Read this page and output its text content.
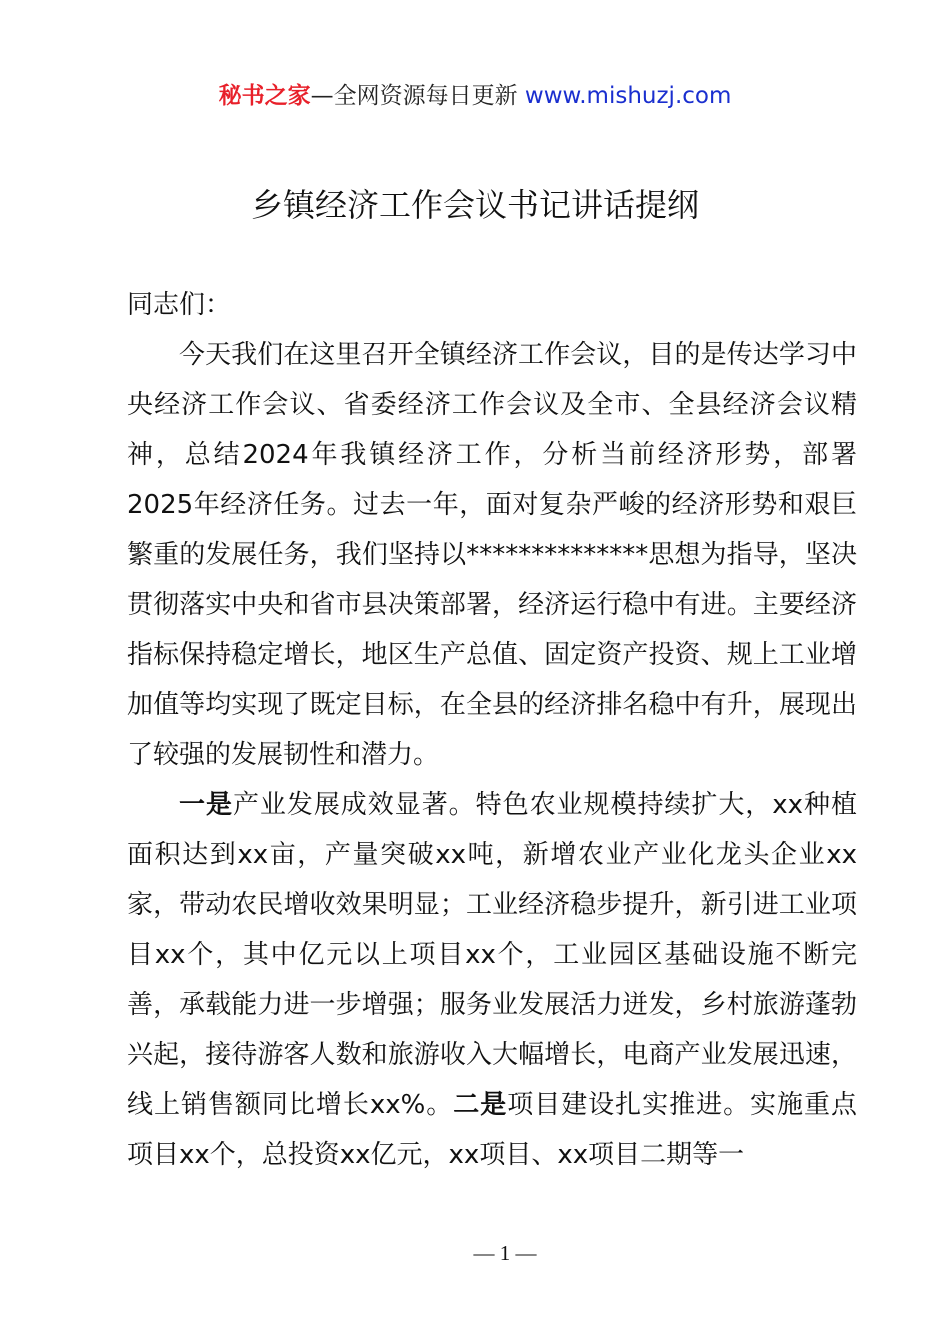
秘书之家—全网资源每日更新 www.mishuzj.com
乡镇经济工作会议书记讲话提纲

同志们：

今天我们在这里召开全镇经济工作会议，目的是传达学习中央经济工作会议、省委经济工作会议及全市、全县经济会议精神，总结2024年我镇经济工作，分析当前经济形势，部署2025年经济任务。过去一年，面对复杂严峻的经济形势和艰巨繁重的发展任务，我们坚持以**************思想为指导，坚决贯彻落实中央和省市县决策部署，经济运行稳中有进。主要经济指标保持稳定增长，地区生产总值、固定资产投资、规上工业增加值等均实现了既定目标，在全县的经济排名稳中有升，展现出了较强的发展韧性和潜力。

一是产业发展成效显著。特色农业规模持续扩大，xx种植面积达到xx亩，产量突破xx吨，新增农业产业化龙头企业xx家，带动农民增收效果明显；工业经济稳步提升，新引进工业项目xx个，其中亿元以上项目xx个，工业园区基础设施不断完善，承载能力进一步增强；服务业发展活力迸发，乡村旅游蓬勃兴起，接待游客人数和旅游收入大幅增长，电商产业发展迅速，线上销售额同比增长xx%。二是项目建设扎实推进。实施重点项目xx个，总投资xx亿元，xx项目、xx项目二期等一

— 1 —
